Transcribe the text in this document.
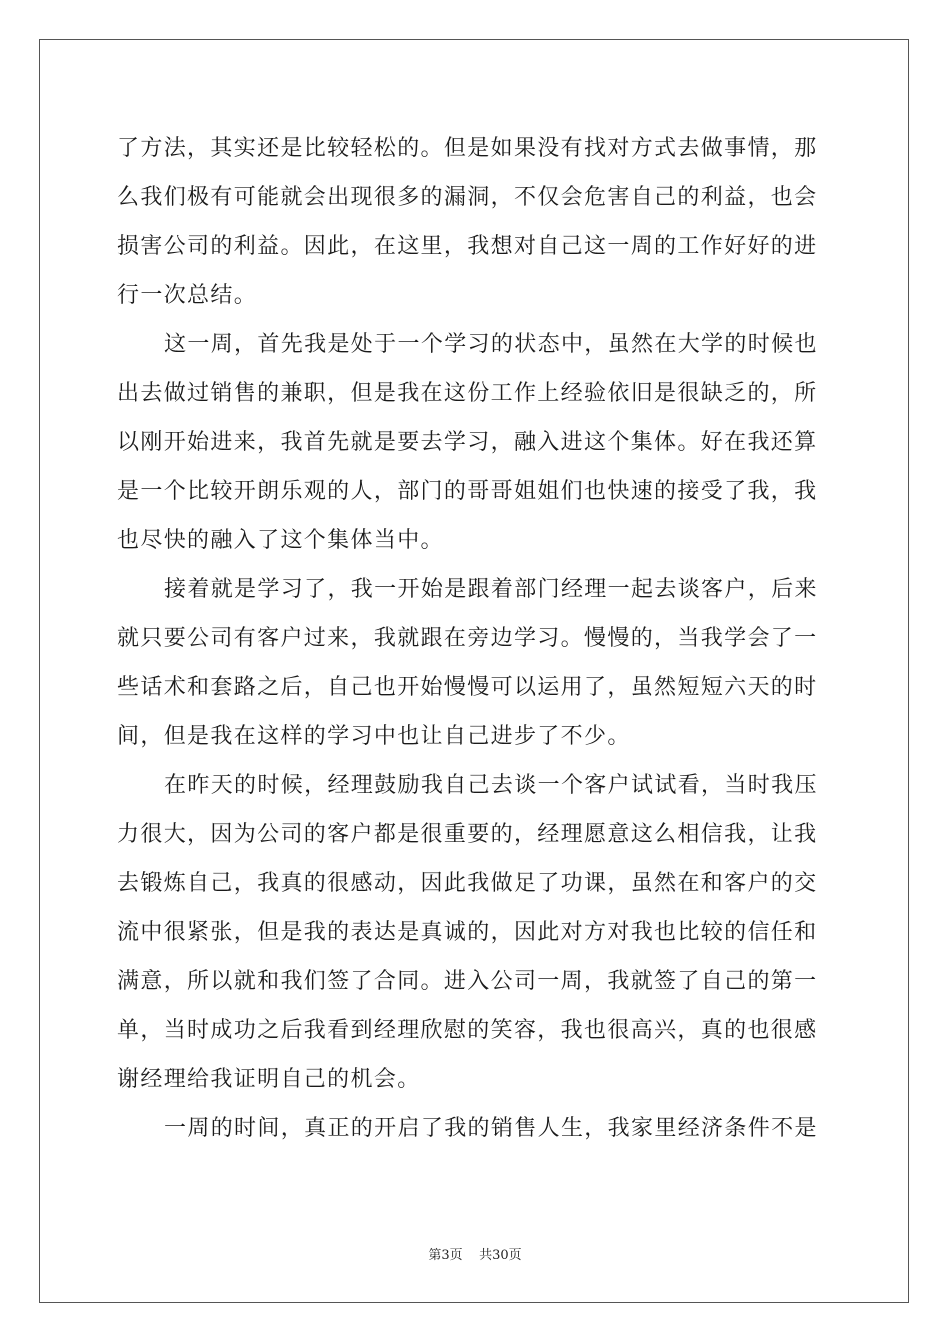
了方法，其实还是比较轻松的。但是如果没有找对方式去做事情，那
么我们极有可能就会出现很多的漏洞，不仅会危害自己的利益，也会
损害公司的利益。因此，在这里，我想对自己这一周的工作好好的进
行一次总结。
这一周，首先我是处于一个学习的状态中，虽然在大学的时候也
出去做过销售的兼职，但是我在这份工作上经验依旧是很缺乏的，所
以刚开始进来，我首先就是要去学习，融入进这个集体。好在我还算
是一个比较开朗乐观的人，部门的哥哥姐姐们也快速的接受了我，我
也尽快的融入了这个集体当中。
接着就是学习了，我一开始是跟着部门经理一起去谈客户，后来
就只要公司有客户过来，我就跟在旁边学习。慢慢的，当我学会了一
些话术和套路之后，自己也开始慢慢可以运用了，虽然短短六天的时
间，但是我在这样的学习中也让自己进步了不少。
在昨天的时候，经理鼓励我自己去谈一个客户试试看，当时我压
力很大，因为公司的客户都是很重要的，经理愿意这么相信我，让我
去锻炼自己，我真的很感动，因此我做足了功课，虽然在和客户的交
流中很紧张，但是我的表达是真诚的，因此对方对我也比较的信任和
满意，所以就和我们签了合同。进入公司一周，我就签了自己的第一
单，当时成功之后我看到经理欣慰的笑容，我也很高兴，真的也很感
谢经理给我证明自己的机会。
一周的时间，真正的开启了我的销售人生，我家里经济条件不是
第3页 共30页
